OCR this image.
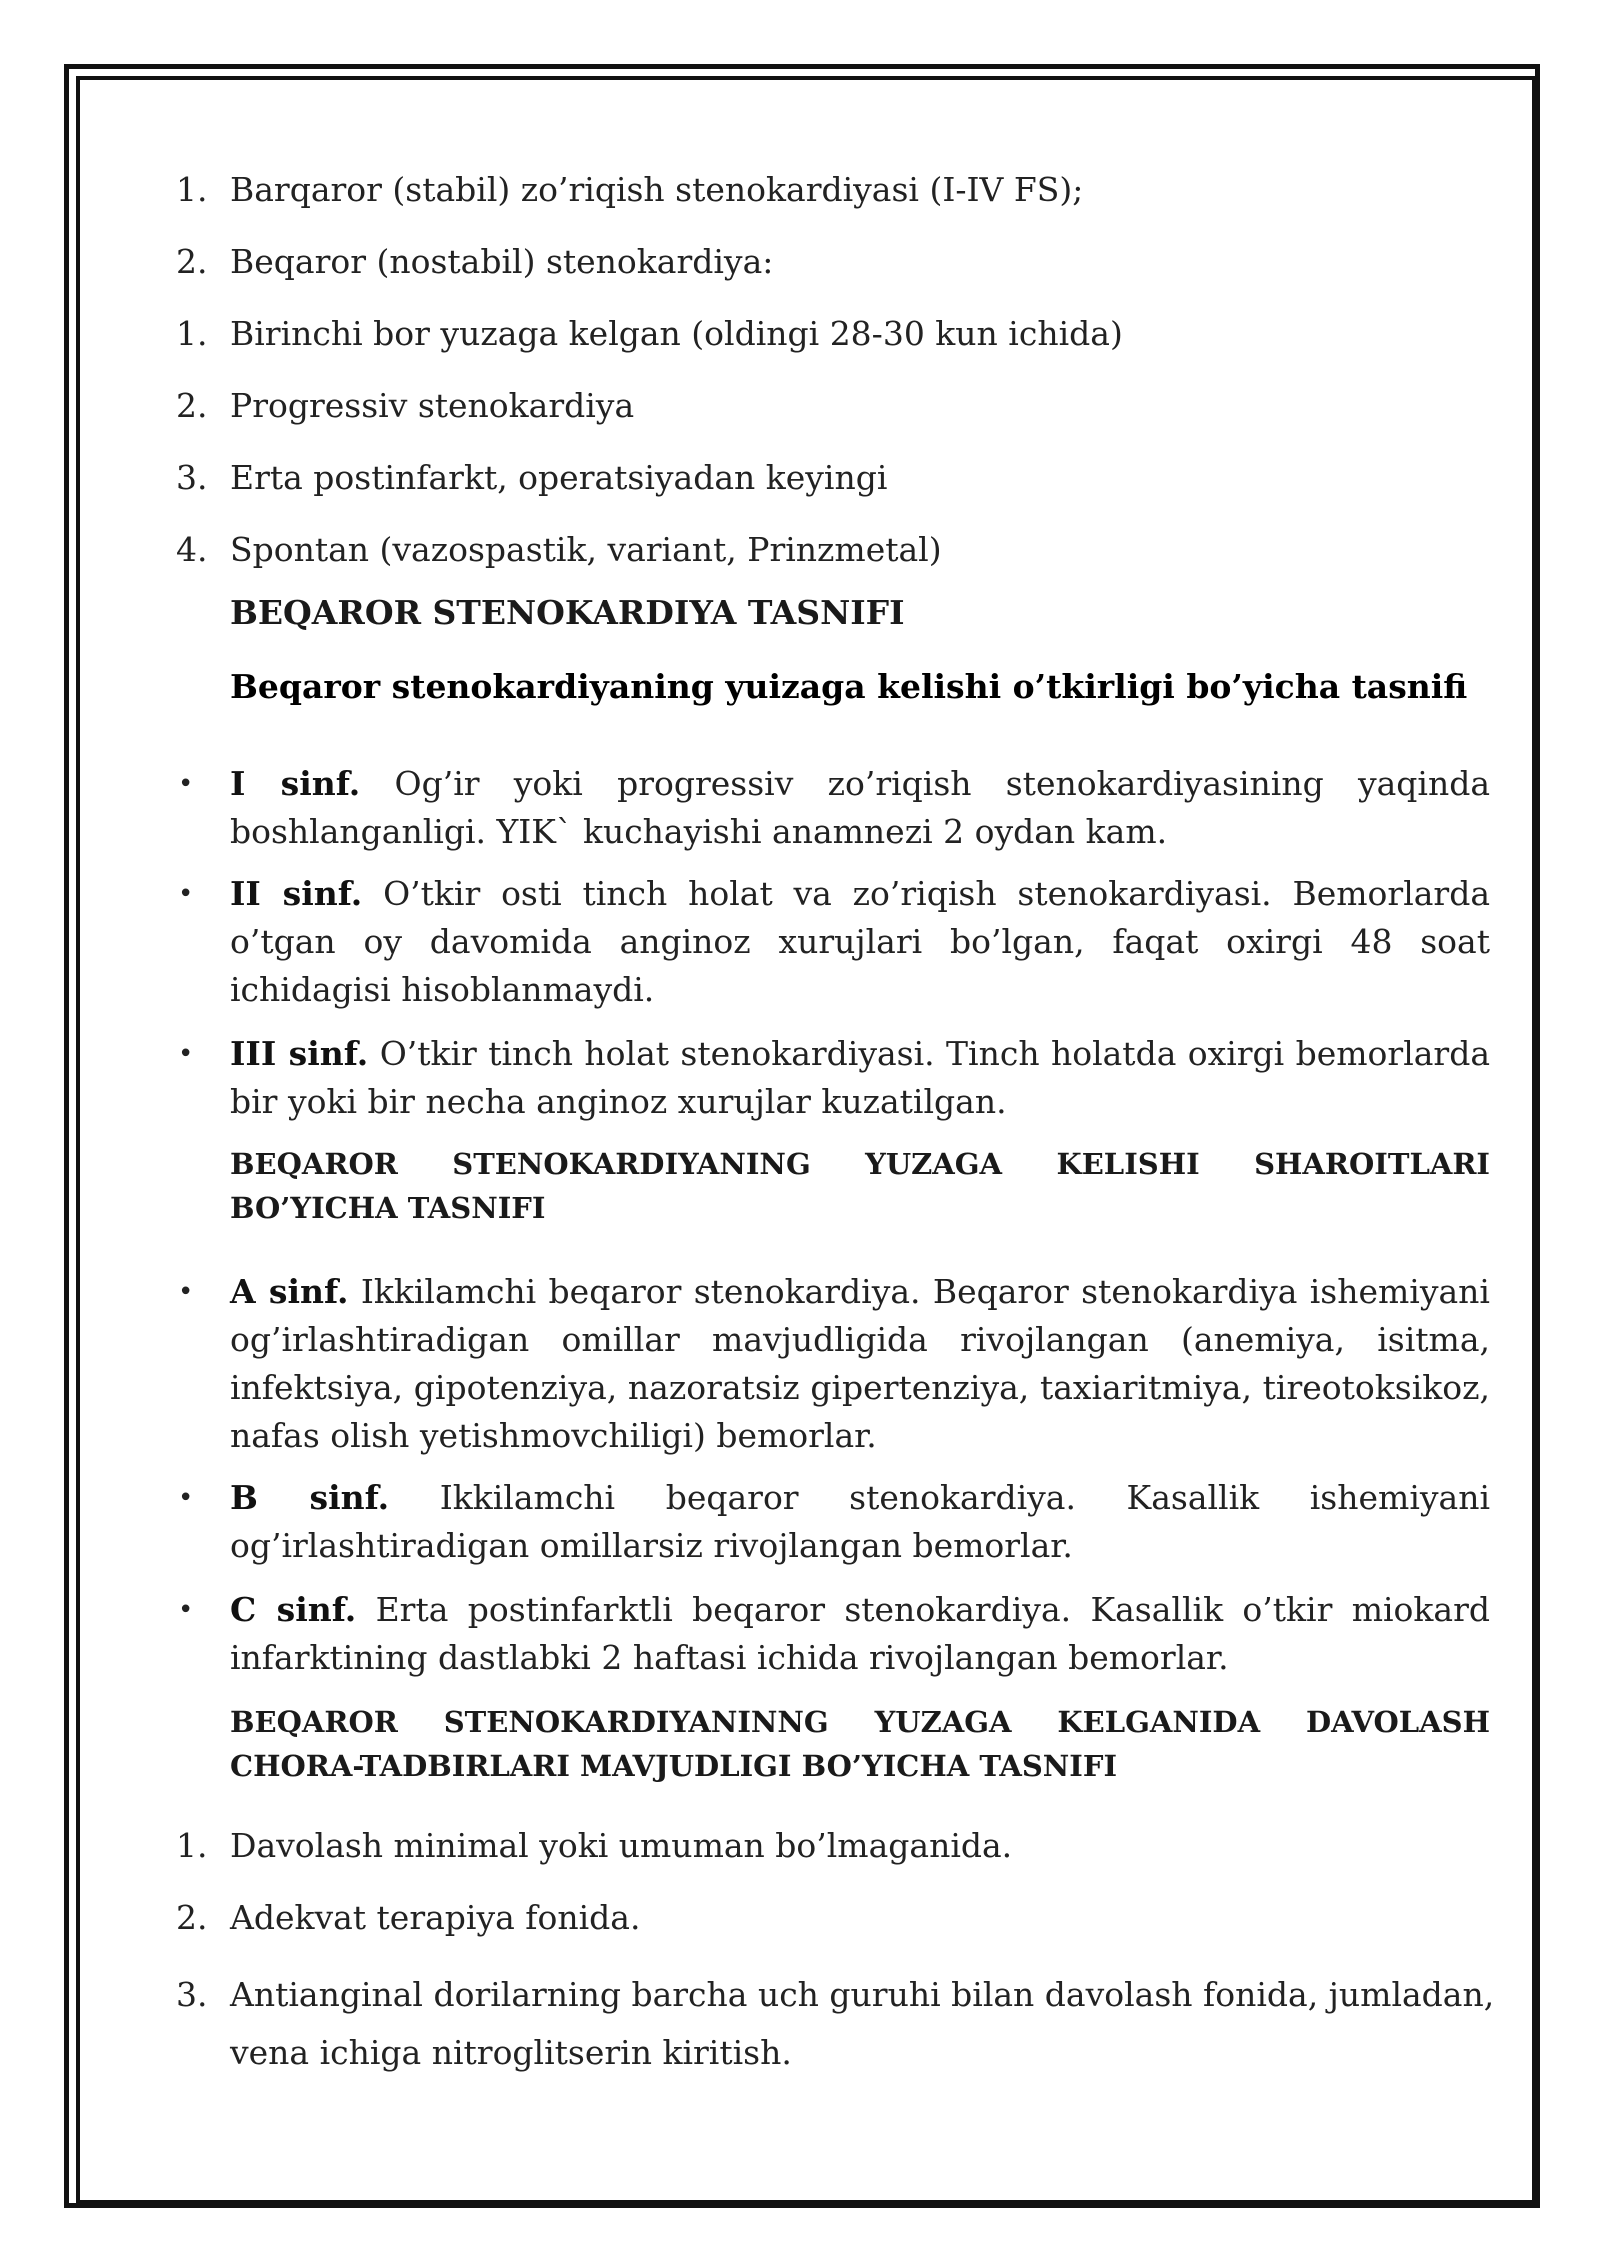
1. Barqaror (stabil) zo’riqish stenokardiyasi (I-IV FS);
2. Beqaror (nostabil) stenokardiya:
1. Birinchi bor yuzaga kelgan (oldingi 28-30 kun ichida)
2. Progressiv stenokardiya
3. Erta postinfarkt, operatsiyadan keyingi
4. Spontan (vazospastik, variant, Prinzmetal)
BEQAROR STENOKARDIYA TASNIFI
Beqaror stenokardiyaning yuizaga kelishi o’tkirligi bo’yicha tasnifi
• I sinf. Og’ir yoki progressiv zo’riqish stenokardiyasining yaqinda boshlanganligi. YIK` kuchayishi anamnezi 2 oydan kam.
• II sinf. O’tkir osti tinch holat va zo’riqish stenokardiyasi. Bemorlarda o’tgan oy davomida anginoz xurujlari bo’lgan, faqat oxirgi 48 soat ichidagisi hisoblanmaydi.
• III sinf. O’tkir tinch holat stenokardiyasi. Tinch holatda oxirgi bemorlarda bir yoki bir necha anginoz xurujlar kuzatilgan.
BEQAROR STENOKARDIYANING YUZAGA KELISHI SHAROITLARI BO’YICHA TASNIFI
• A sinf. Ikkilamchi beqaror stenokardiya. Beqaror stenokardiya ishemiyani og’irlashtiradigan omillar mavjudligida rivojlangan (anemiya, isitma, infektsiya, gipotenziya, nazoratsiz gipertenziya, taxiaritmiya, tireotoksikoz, nafas olish yetishmovchiligi) bemorlar.
• B sinf. Ikkilamchi beqaror stenokardiya. Kasallik ishemiyani og’irlashtiradigan omillarsiz rivojlangan bemorlar.
• C sinf. Erta postinfarktli beqaror stenokardiya. Kasallik o’tkir miokard infarktining dastlabki 2 haftasi ichida rivojlangan bemorlar.
BEQAROR STENOKARDIYANINNG YUZAGA KELGANIDA DAVOLASH CHORA-TADBIRLARI MAVJUDLIGI BO’YICHA TASNIFI
1. Davolash minimal yoki umuman bo’lmaganida.
2. Adekvat terapiya fonida.
3. Antianginal dorilarning barcha uch guruhi bilan davolash fonida, jumladan, vena ichiga nitroglitserin kiritish.
